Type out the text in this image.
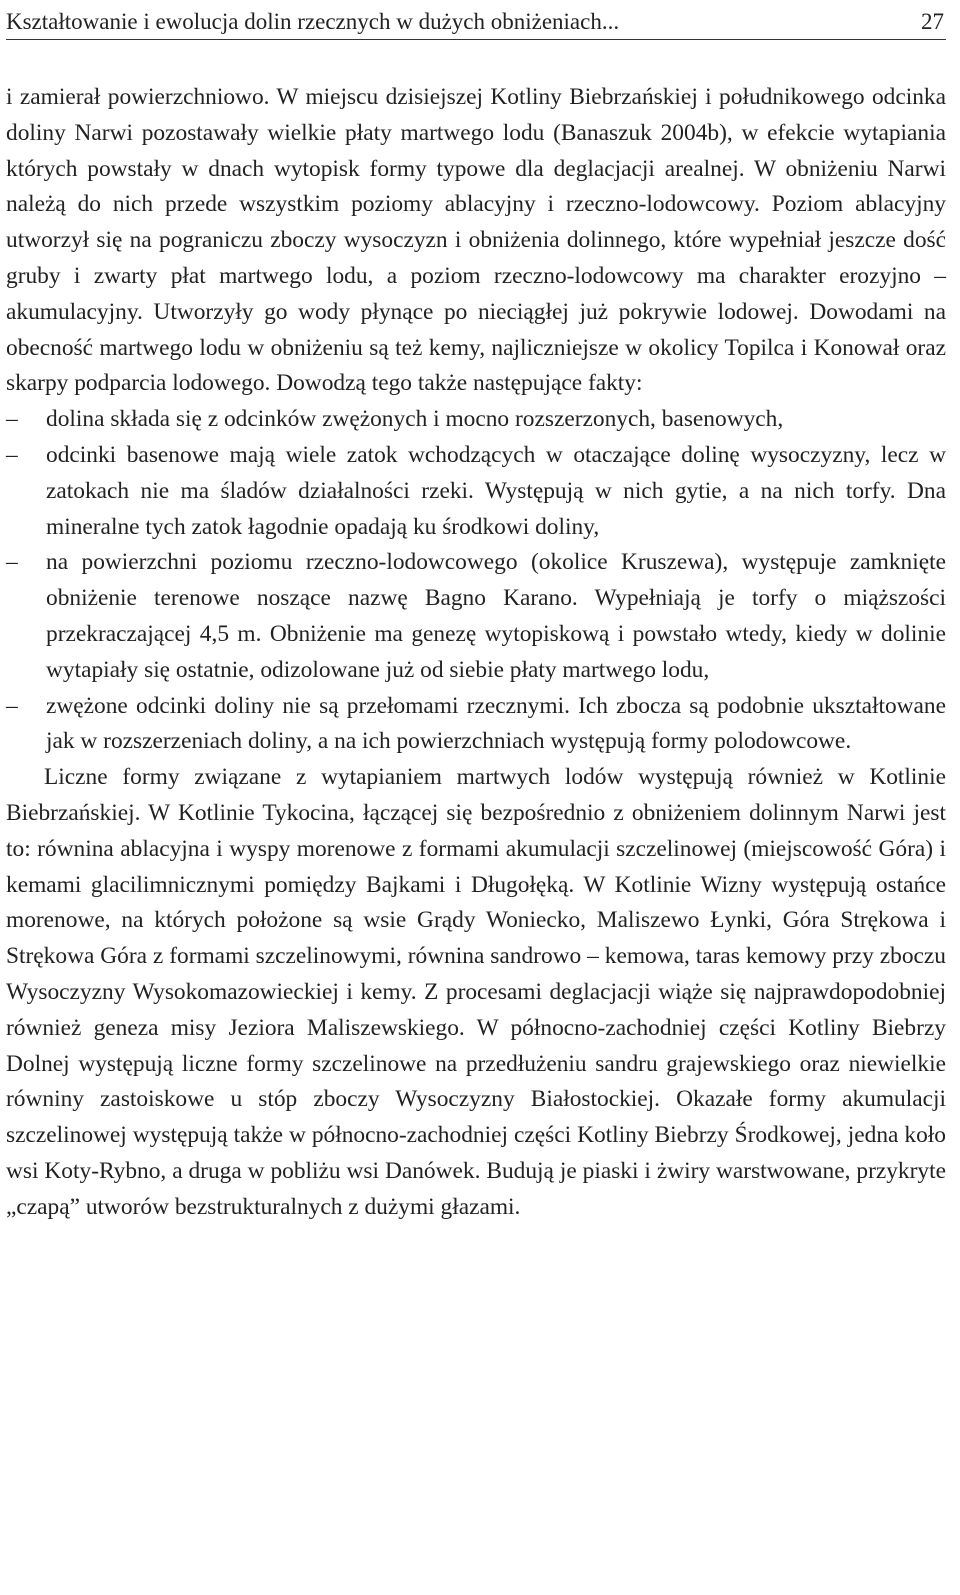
Kształtowanie i ewolucja dolin rzecznych w dużych obniżeniach...	27

i zamierał powierzchniowo. W miejscu dzisiejszej Kotliny Biebrzańskiej i południkowego odcinka doliny Narwi pozostawały wielkie płaty martwego lodu (Banaszuk 2004b), w efekcie wytapiania których powstały w dnach wytopisk formy typowe dla deglacjacji arealnej. W obniżeniu Narwi należą do nich przede wszystkim poziomy ablacyjny i rzeczno-lodowcowy. Poziom ablacyjny utworzył się na pograniczu zboczy wysoczyzn i obniżenia dolinnego, które wypełniał jeszcze dość gruby i zwarty płat martwego lodu, a poziom rzeczno-lodowcowy ma charakter erozyjno – akumulacyjny. Utworzyły go wody płynące po nieciągłej już pokrywie lodowej. Dowodami na obecność martwego lodu w obniżeniu są też kemy, najliczniejsze w okolicy Topilca i Konował oraz skarpy podparcia lodowego. Dowodzą tego także następujące fakty:

– dolina składa się z odcinków zwężonych i mocno rozszerzonych, basenowych,
– odcinki basenowe mają wiele zatok wchodzących w otaczające dolinę wysoczyzny, lecz w zatokach nie ma śladów działalności rzeki. Występują w nich gytie, a na nich torfy. Dna mineralne tych zatok łagodnie opadają ku środkowi doliny,
– na powierzchni poziomu rzeczno-lodowcowego (okolice Kruszewa), występuje zamknięte obniżenie terenowe noszące nazwę Bagno Karano. Wypełniają je torfy o miąższości przekraczającej 4,5 m. Obniżenie ma genezę wytopiskową i powstało wtedy, kiedy w dolinie wytapiały się ostatnie, odizolowane już od siebie płaty martwego lodu,
– zwężone odcinki doliny nie są przełomami rzecznymi. Ich zbocza są podobnie ukształtowane jak w rozszerzeniach doliny, a na ich powierzchniach występują formy polodowcowe.

Liczne formy związane z wytapianiem martwych lodów występują również w Kotlinie Biebrzańskiej. W Kotlinie Tykocina, łączącej się bezpośrednio z obniżeniem dolinnym Narwi jest to: równina ablacyjna i wyspy morenowe z formami akumulacji szczelinowej (miejscowość Góra) i kemami glacilimnicznymi pomiędzy Bajkami i Długołęką. W Kotlinie Wizny występują ostańce morenowe, na których położone są wsie Grądy Woniecko, Maliszewo Łynki, Góra Strękowa i Strękowa Góra z formami szczelinowymi, równina sandrowo – kemowa, taras kemowy przy zboczu Wysoczyzny Wysokomazowieckiej i kemy. Z procesami deglacjacji wiąże się najprawdopodobniej również geneza misy Jeziora Maliszewskiego. W północno-zachodniej części Kotliny Biebrzy Dolnej występują liczne formy szczelinowe na przedłużeniu sandru grajewskiego oraz niewielkie równiny zastoiskowe u stóp zboczy Wysoczyzny Białostockiej. Okazałe formy akumulacji szczelinowej występują także w północno-zachodniej części Kotliny Biebrzy Środkowej, jedna koło wsi Koty-Rybno, a druga w pobliżu wsi Danówek. Budują je piaski i żwiry warstwowane, przykryte „czapą” utworów bezstrukturalnych z dużymi głazami.
